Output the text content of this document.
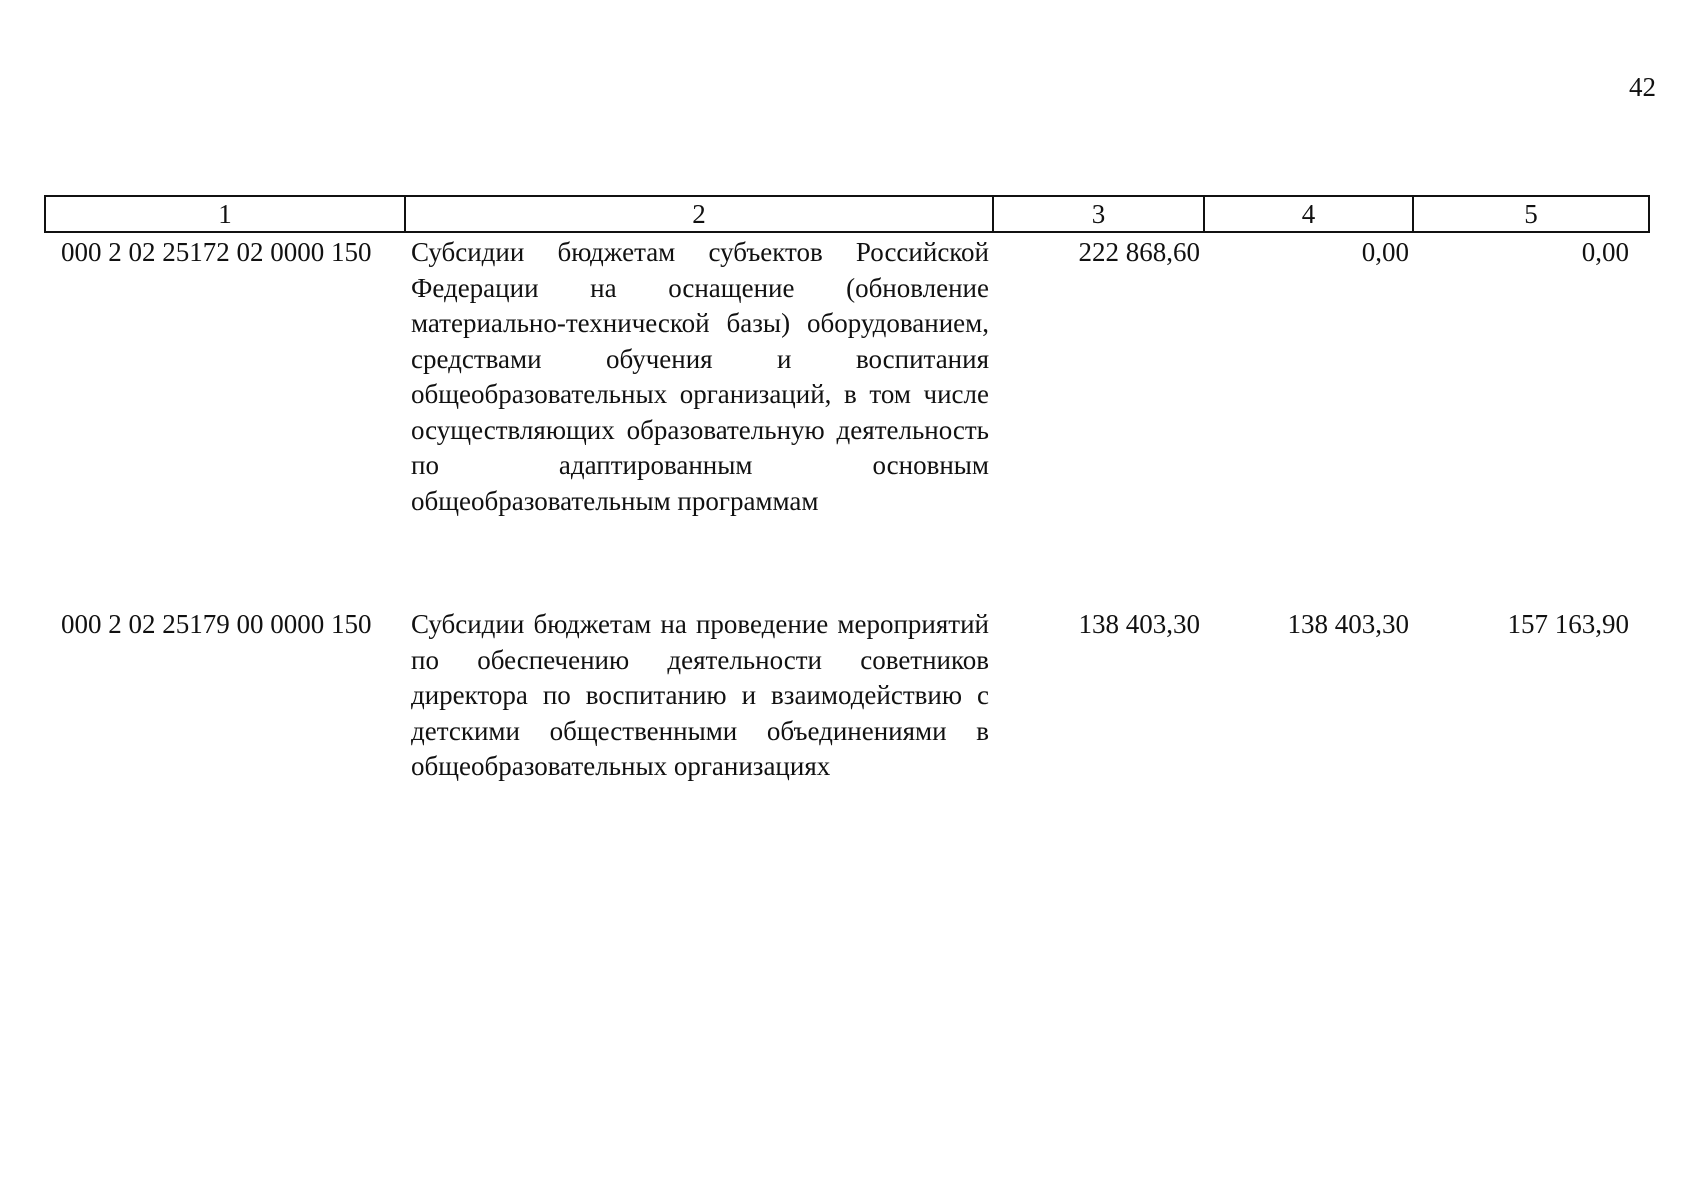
42
1	2	3	4	5
000 2 02 25172 02 0000 150	Субсидии бюджетам субъектов Российской Федерации на оснащение (обновление материально-технической базы) оборудованием, средствами обучения и воспитания общеобразовательных организаций, в том числе осуществляющих образовательную деятельность по адаптированным основным общеобразовательным программам	222 868,60	0,00	0,00
000 2 02 25179 00 0000 150	Субсидии бюджетам на проведение мероприятий по обеспечению деятельности советников директора по воспитанию и взаимодействию с детскими общественными объединениями в общеобразовательных организациях	138 403,30	138 403,30	157 163,90
